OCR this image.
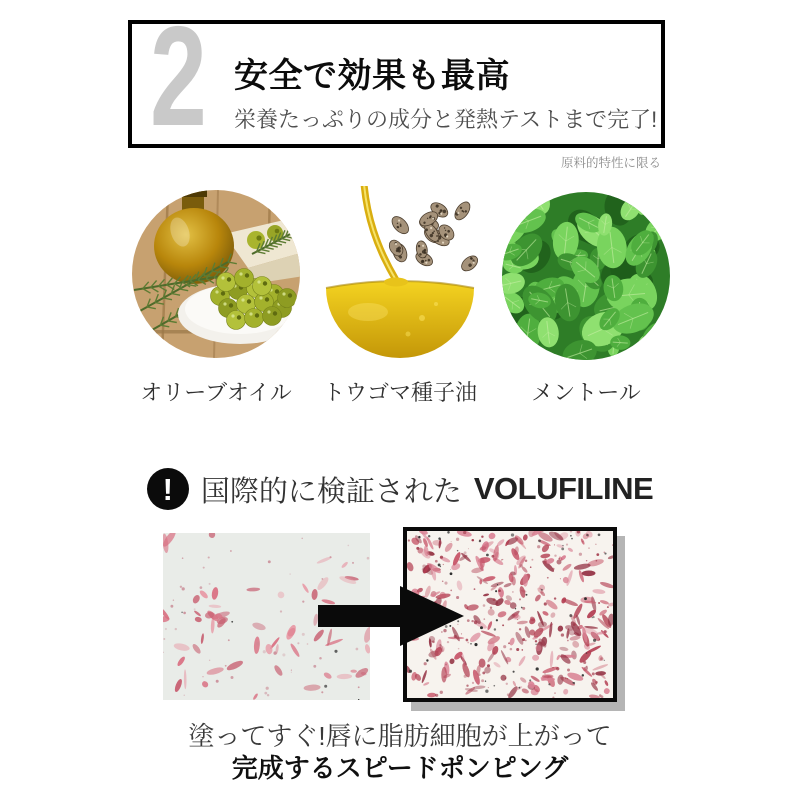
2 安全で効果も最高
栄養たっぷりの成分と発熱テストまで完了!
原料的特性に限る
オリーブオイル	トウゴマ種子油	メントール
! 国際的に検証された VOLUFILINE
塗ってすぐ!唇に脂肪細胞が上がって
完成するスピードポンピング
